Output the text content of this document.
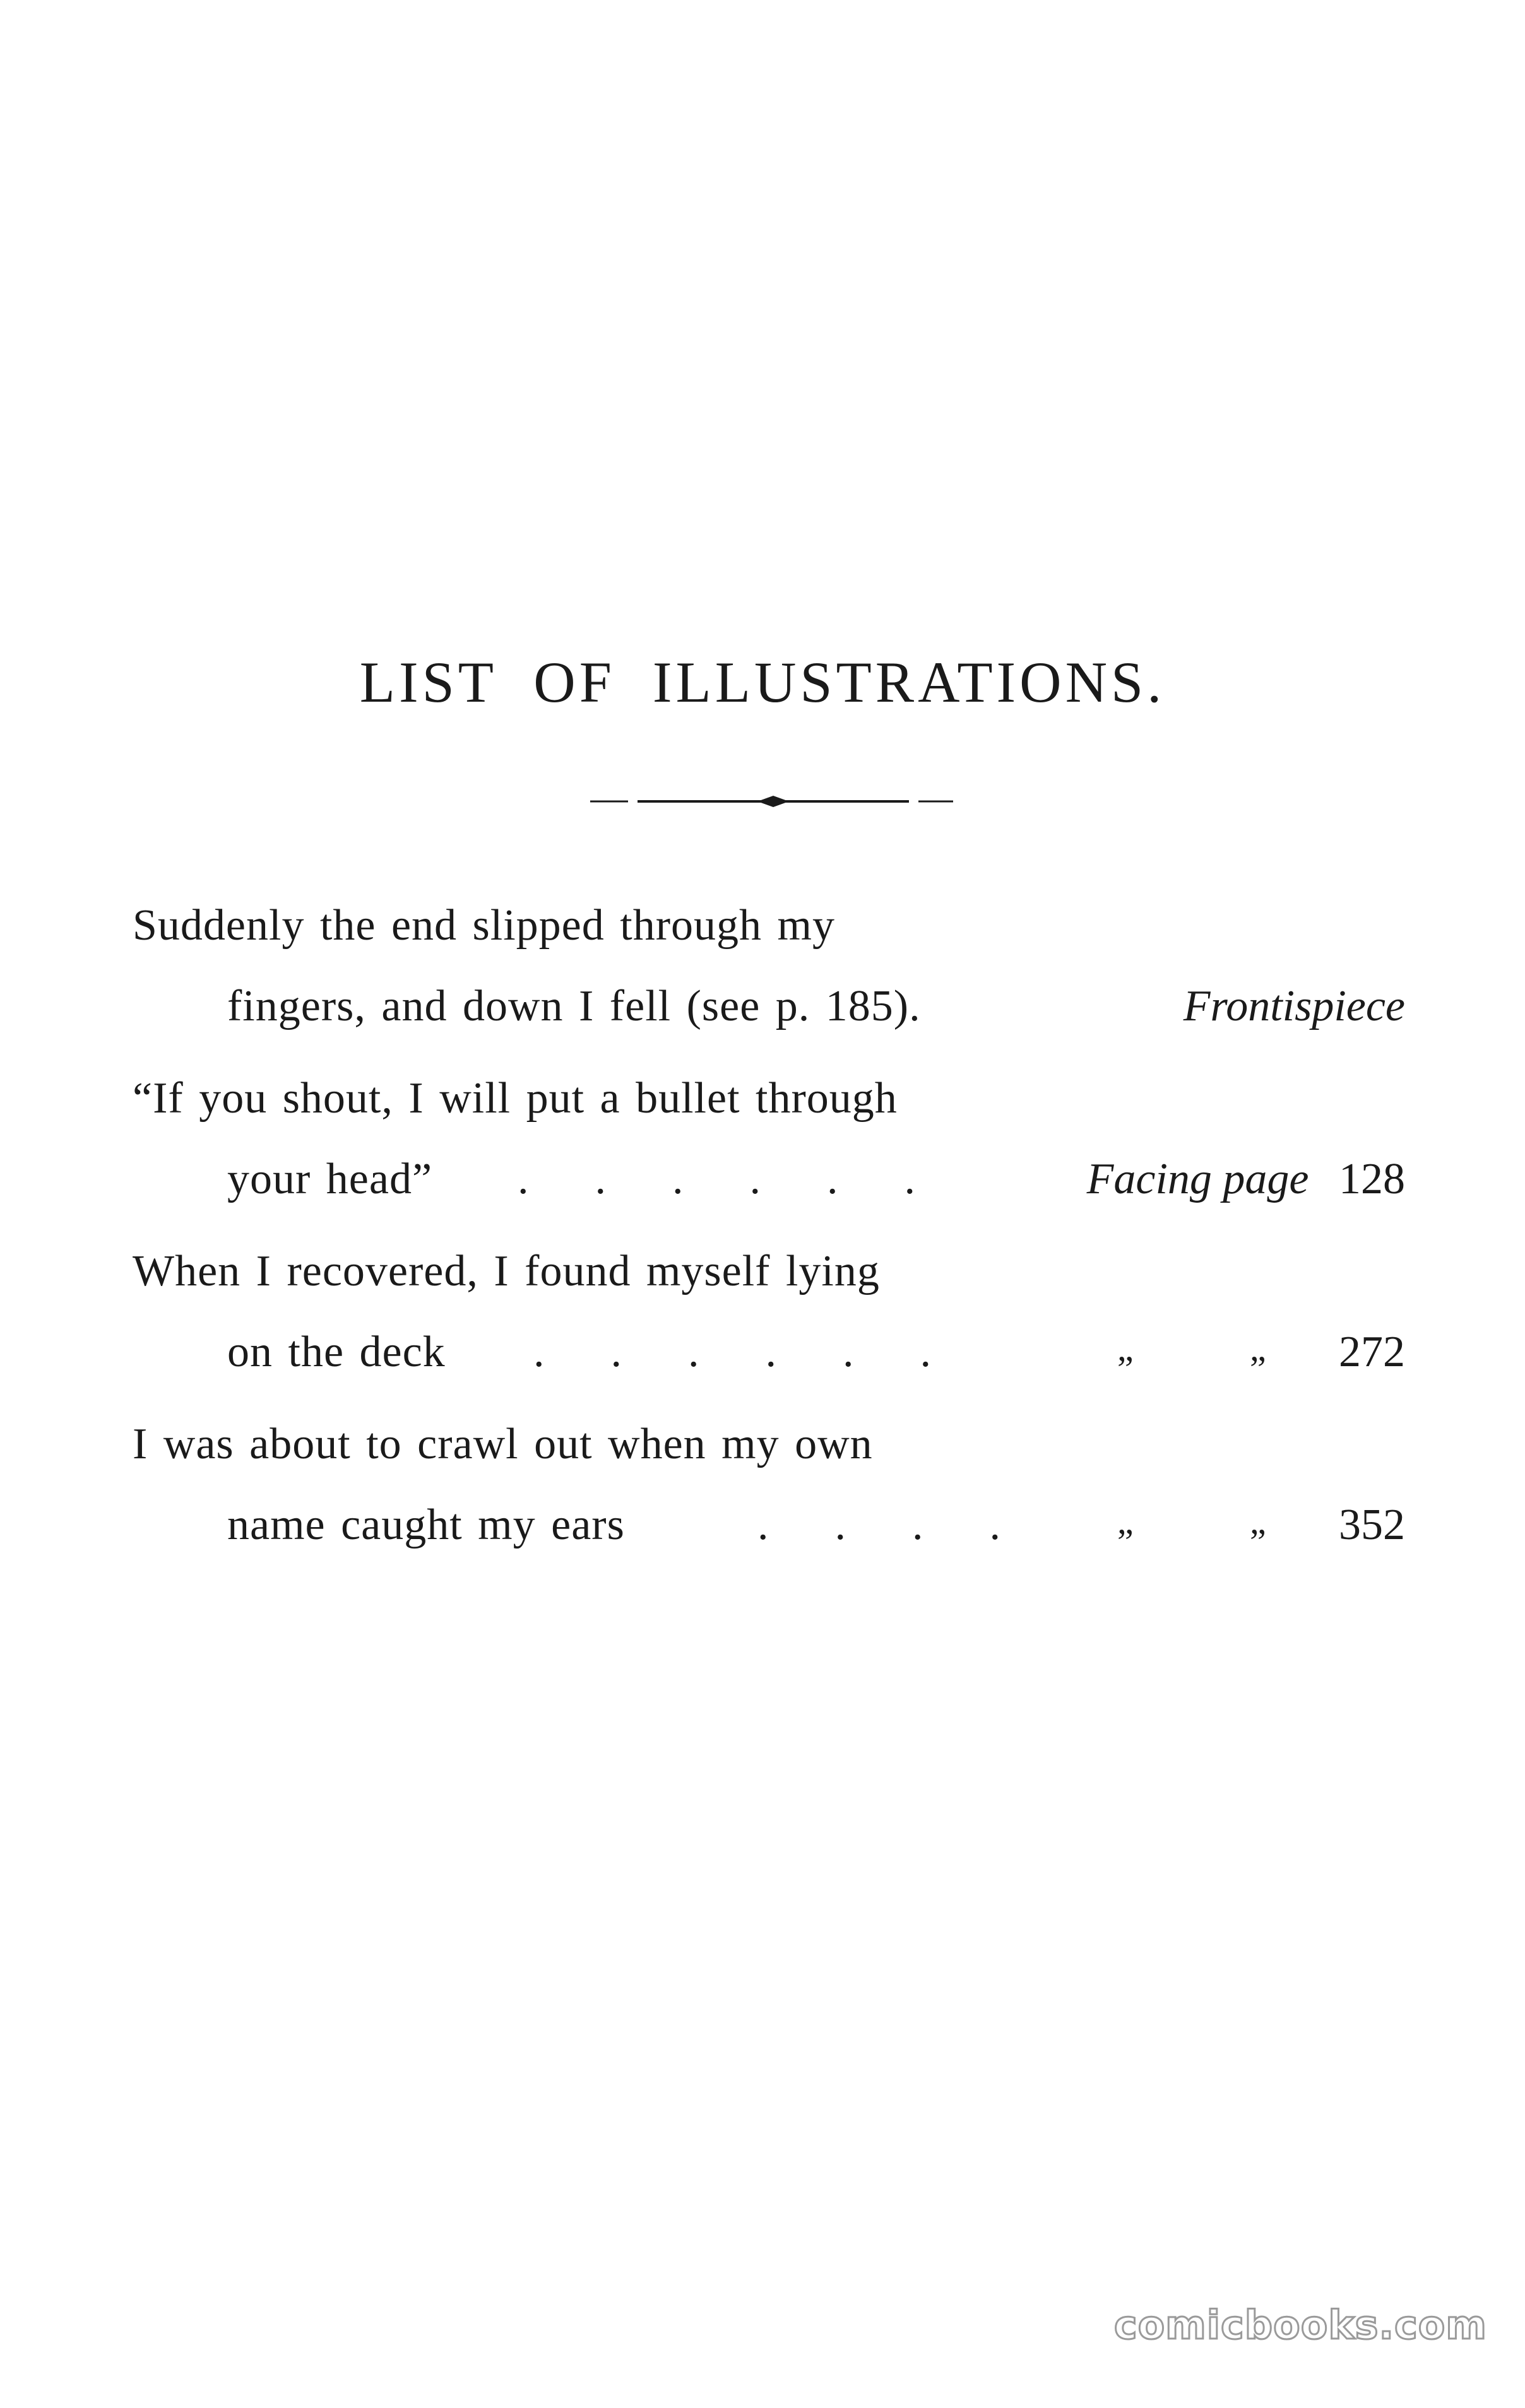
LIST OF ILLUSTRATIONS.
Suddenly the end slipped through my
fingers, and down I fell (see p. 185).	Frontispiece
“If you shout, I will put a bullet through
your head” .      .      .      .      .      .	Facing page 128
When I recovered, I found myself lying
on the deck .      .      .      .      .      .	„	„ 272
I was about to crawl out when my own
name caught my ears	.      .      .      .	„	„ 352
comicbooks.com
